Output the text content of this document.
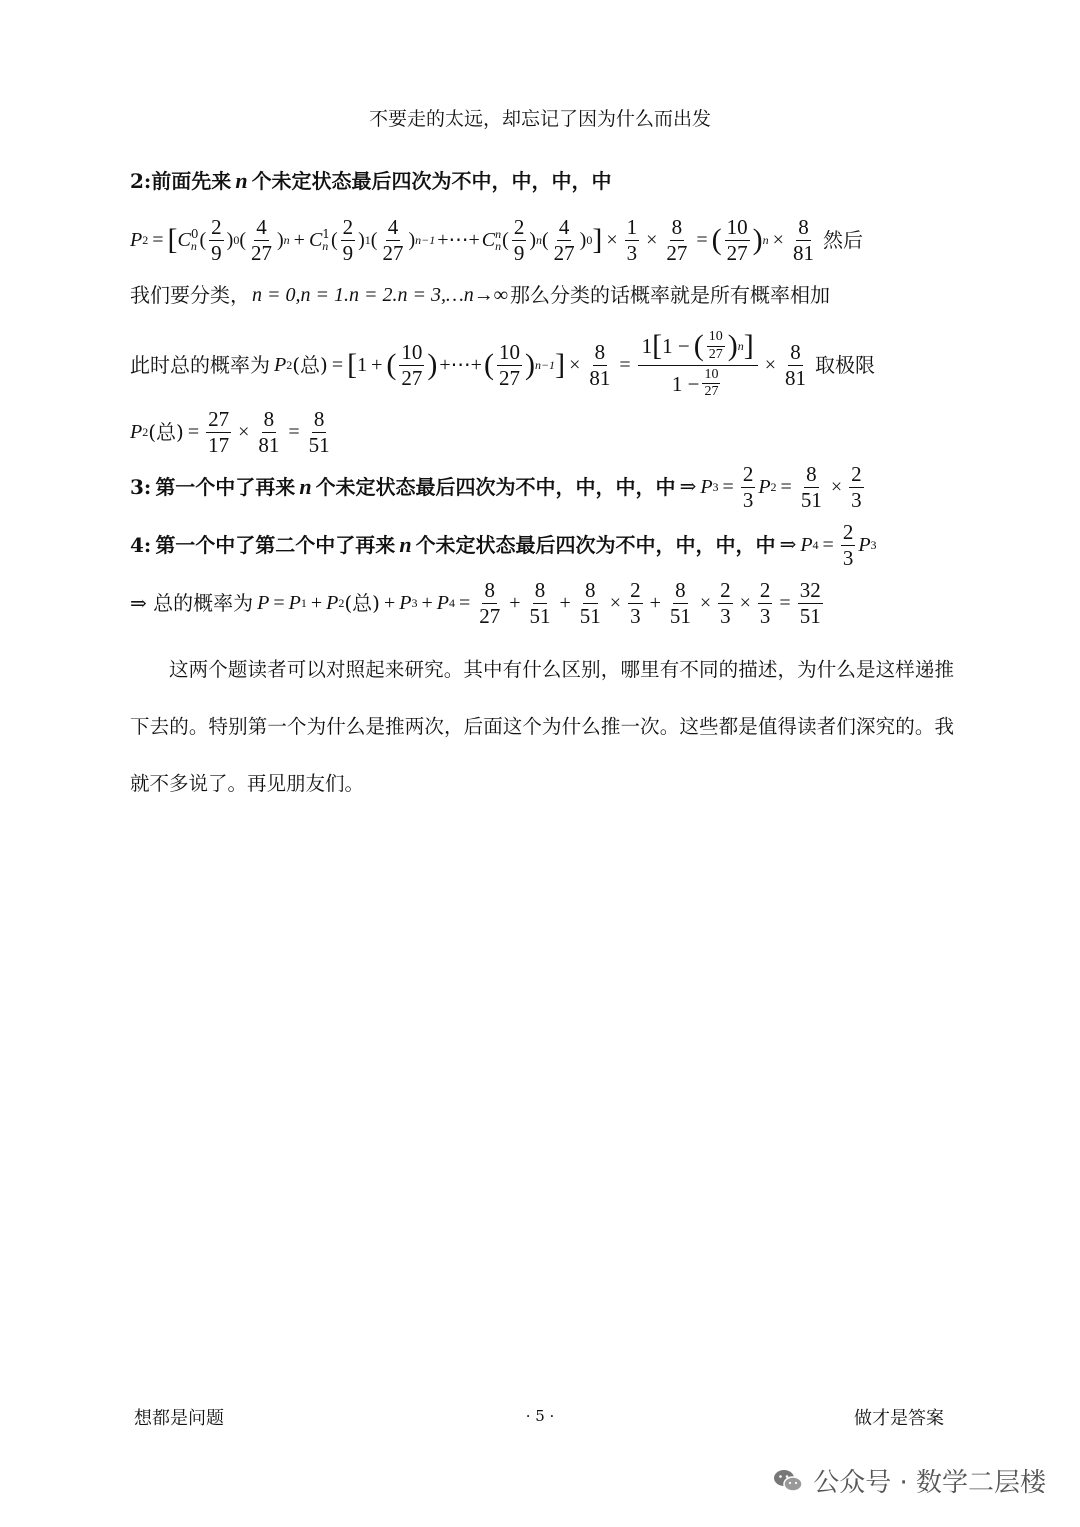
不要走的太远，却忘记了因为什么而出发
2: 前面先来 n 个未定状态最后四次为不中，中，中，中
P 2 = [ C 0
n ( $\frac{2}{9}$ ) 0 ( $\frac{4}{27}$ ) n + C 1
n ( $\frac{2}{9}$ ) 1 ( $\frac{4}{27}$ ) n−1 +⋯+ C n
n ( $\frac{2}{9}$ ) n ( $\frac{4}{27}$ ) 0 ] × $\frac{1}{3} \times \frac{8}{27}$ = ( $\frac{10}{27}$ ) $n \times \frac{8}{81}$ 然后
我们要分类， n = 0,n = 1.n = 2.n = 3,…n→∞ 那么分类的话概率就是所有概率相加
此时总的概率为 P 2 (总) = [ 1 + ( $\frac{10}{27}$ ) +⋯+ ( $\frac{10}{27}$ ) n−1 ] × $\frac{8}{81} = \frac{1 [ 1 - ( \frac{10}{27} ) n ]}{1 - \frac{10}{27}} \times \frac{8}{81}$ 取极限
P 2 (总) = $\frac{27}{17} \times \frac{8}{81} = \frac{8}{51}$
3: 第一个中了再来 n 个未定状态最后四次为不中，中，中，中 ⇒ P $3 = \frac{2}{3}$ P $2 = \frac{8}{51} \times \frac{2}{3}$
4: 第一个中了第二个中了再来 n 个未定状态最后四次为不中，中，中，中 ⇒ P $4 = \frac{2}{3}$ P 3
⇒ 总的概率为 P = P 1 + P 2 (总) + P 3 + P $4 = \frac{8}{27} + \frac{8}{51} + \frac{8}{51} \times \frac{2}{3} + \frac{8}{51} \times \frac{2}{3} \times \frac{2}{3} = \frac{32}{51}$

这两个题读者可以对照起来研究。其中有什么区别，哪里有不同的描述，为什么是这样递推下去的。特别第一个为什么是推两次，后面这个为什么推一次。这些都是值得读者们深究的。我就不多说了。再见朋友们。

想都是问题	· 5 ·	做才是答案
公众号 · 数学二层楼
